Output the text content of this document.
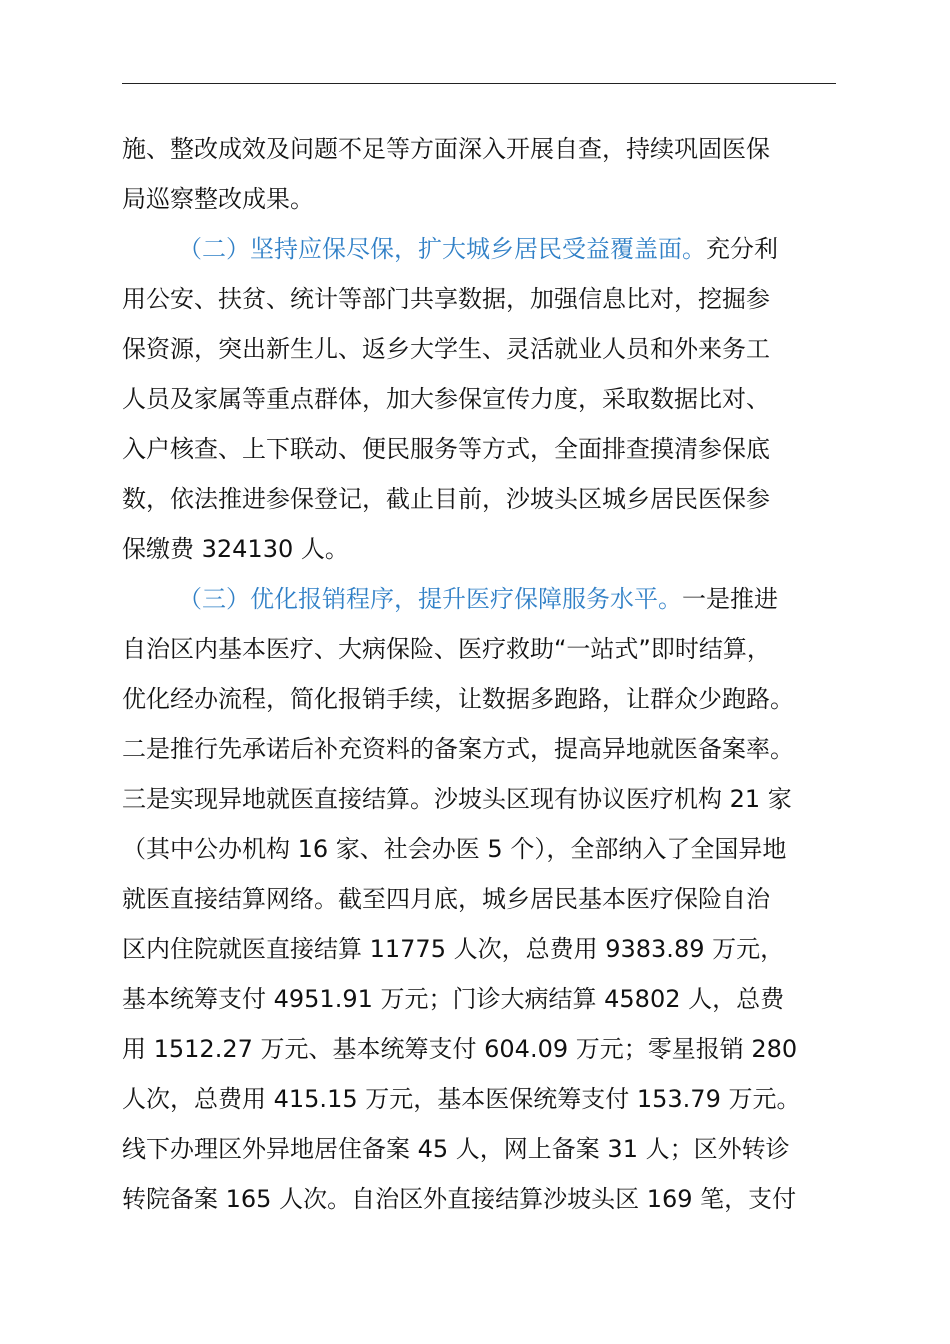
施、整改成效及问题不足等方面深入开展自查，持续巩固医保
局巡察整改成果。
（二）坚持应保尽保，扩大城乡居民受益覆盖面。充分利
用公安、扶贫、统计等部门共享数据，加强信息比对，挖掘参
保资源，突出新生儿、返乡大学生、灵活就业人员和外来务工
人员及家属等重点群体，加大参保宣传力度，采取数据比对、
入户核查、上下联动、便民服务等方式，全面排查摸清参保底
数，依法推进参保登记，截止目前，沙坡头区城乡居民医保参
保缴费 324130 人。
（三）优化报销程序，提升医疗保障服务水平。一是推进
自治区内基本医疗、大病保险、医疗救助“一站式”即时结算，
优化经办流程，简化报销手续，让数据多跑路，让群众少跑路。
二是推行先承诺后补充资料的备案方式，提高异地就医备案率。
三是实现异地就医直接结算。沙坡头区现有协议医疗机构 21 家
（其中公办机构 16 家、社会办医 5 个），全部纳入了全国异地
就医直接结算网络。截至四月底，城乡居民基本医疗保险自治
区内住院就医直接结算 11775 人次，总费用 9383.89 万元，
基本统筹支付 4951.91 万元；门诊大病结算 45802 人，总费
用 1512.27 万元、基本统筹支付 604.09 万元；零星报销 280
人次，总费用 415.15 万元，基本医保统筹支付 153.79 万元。
线下办理区外异地居住备案 45 人，网上备案 31 人；区外转诊
转院备案 165 人次。自治区外直接结算沙坡头区 169 笔，支付
